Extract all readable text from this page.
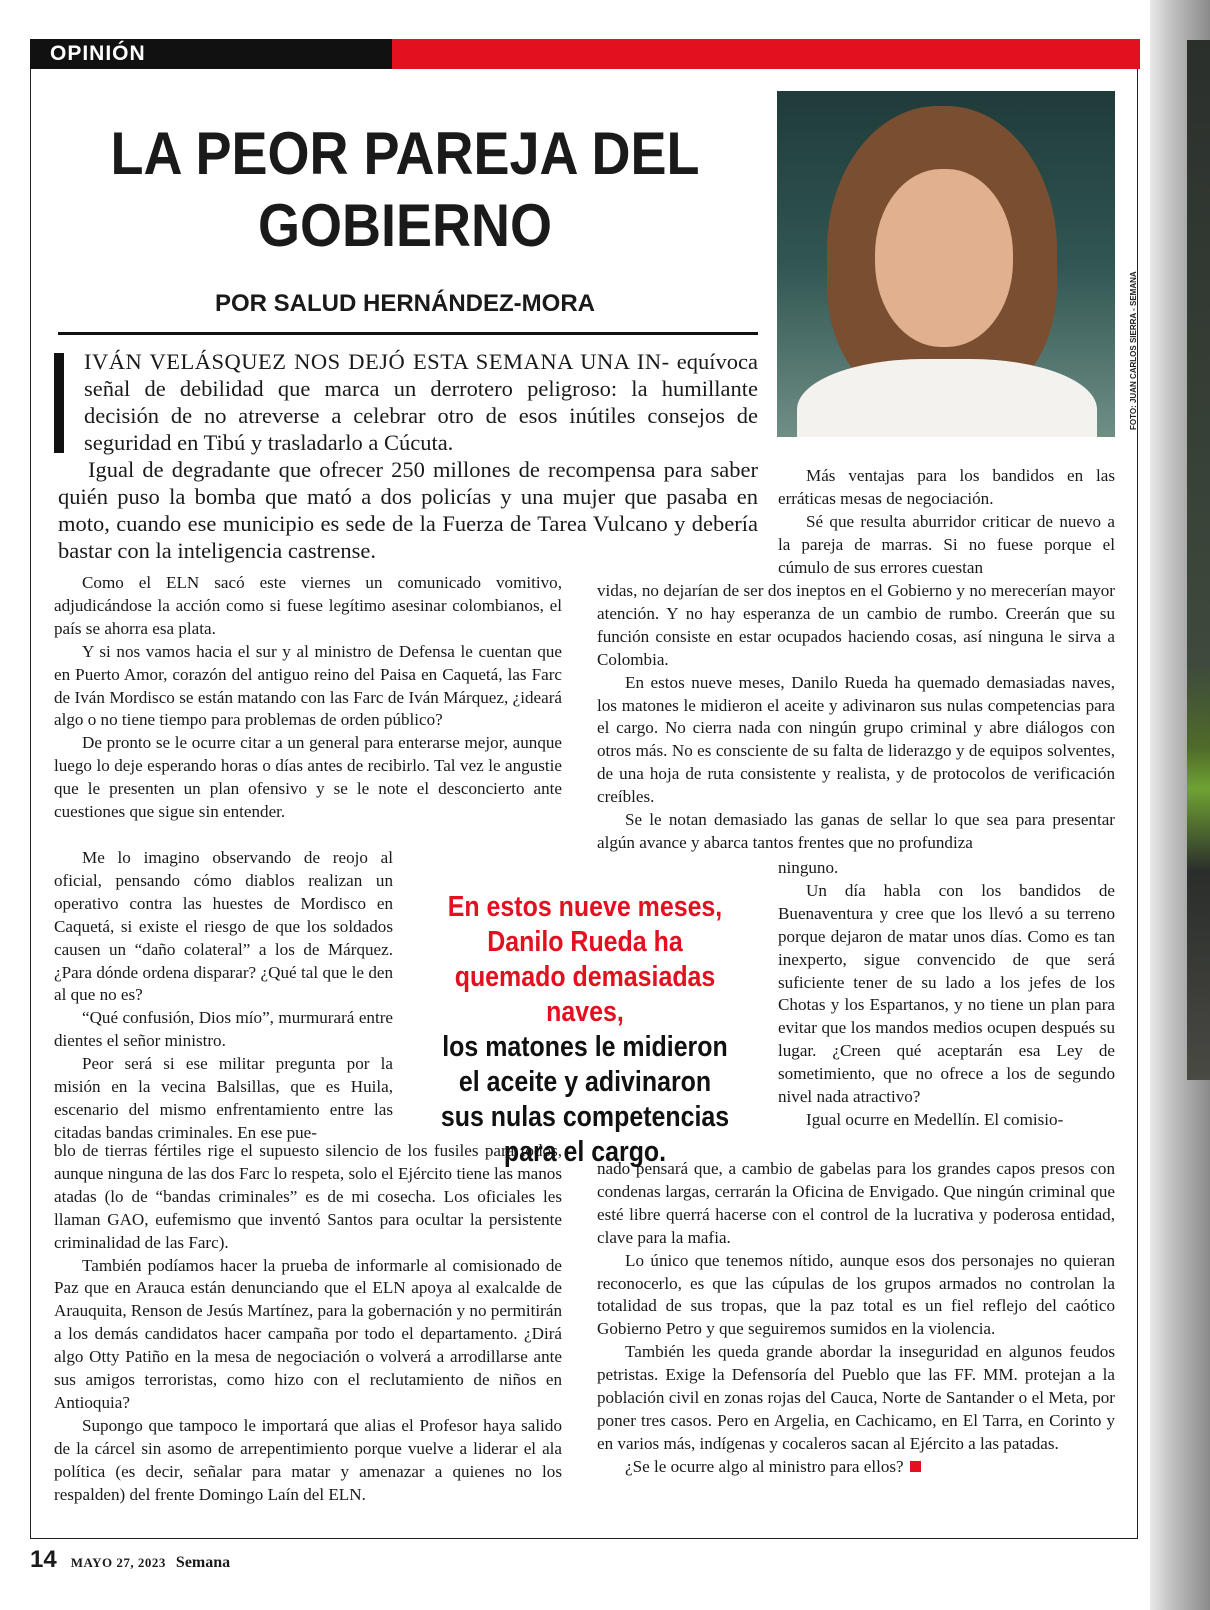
OPINIÓN
LA PEOR PAREJA DEL GOBIERNO
POR SALUD HERNÁNDEZ-MORA	FOTO: JUAN CARLOS SIERRA - SEMANA

IVÁN VELÁSQUEZ NOS DEJÓ ESTA SEMANA UNA IN- equívoca señal de debilidad que marca un derrotero peligroso: la humillante decisión de no atreverse a celebrar otro de esos inútiles consejos de seguridad en Tibú y trasladarlo a Cúcuta.

Igual de degradante que ofrecer 250 millones de recompensa para saber quién puso la bomba que mató a dos policías y una mujer que pasaba en moto, cuando ese municipio es sede de la Fuerza de Tarea Vulcano y debería bastar con la inteligencia castrense.

Como el ELN sacó este viernes un comunicado vomitivo, adjudicándose la acción como si fuese legítimo asesinar colombianos, el país se ahorra esa plata.

Y si nos vamos hacia el sur y al ministro de Defensa le cuentan que en Puerto Amor, corazón del antiguo reino del Paisa en Caquetá, las Farc de Iván Mordisco se están matando con las Farc de Iván Márquez, ¿ideará algo o no tiene tiempo para problemas de orden público?

De pronto se le ocurre citar a un general para enterarse mejor, aunque luego lo deje esperando horas o días antes de recibirlo. Tal vez le angustie que le presenten un plan ofensivo y se le note el desconcierto ante cuestiones que sigue sin entender.

Me lo imagino observando de reojo al oficial, pensando cómo diablos realizan un operativo contra las huestes de Mordisco en Caquetá, si existe el riesgo de que los soldados causen un “daño colateral” a los de Márquez. ¿Para dónde ordena disparar? ¿Qué tal que le den al que no es?

“Qué confusión, Dios mío”, murmurará entre dientes el señor ministro.

Peor será si ese militar pregunta por la misión en la vecina Balsillas, que es Huila, escenario del mismo enfrentamiento entre las citadas bandas criminales. En ese pue-

blo de tierras fértiles rige el supuesto silencio de los fusiles para todos, aunque ninguna de las dos Farc lo respeta, solo el Ejército tiene las manos atadas (lo de “bandas criminales” es de mi cosecha. Los oficiales les llaman GAO, eufemismo que inventó Santos para ocultar la persistente criminalidad de las Farc).

También podíamos hacer la prueba de informarle al comisionado de Paz que en Arauca están denunciando que el ELN apoya al exalcalde de Arauquita, Renson de Jesús Martínez, para la gobernación y no permitirán a los demás candidatos hacer campaña por todo el departamento. ¿Dirá algo Otty Patiño en la mesa de negociación o volverá a arrodillarse ante sus amigos terroristas, como hizo con el reclutamiento de niños en Antioquia?

Supongo que tampoco le importará que alias el Profesor haya salido de la cárcel sin asomo de arrepentimiento porque vuelve a liderar el ala política (es decir, señalar para matar y amenazar a quienes no los respalden) del frente Domingo Laín del ELN.

Más ventajas para los bandidos en las erráticas mesas de negociación.

Sé que resulta aburridor criticar de nuevo a la pareja de marras. Si no fuese porque el cúmulo de sus errores cuestan

vidas, no dejarían de ser dos ineptos en el Gobierno y no merecerían mayor atención. Y no hay esperanza de un cambio de rumbo. Creerán que su función consiste en estar ocupados haciendo cosas, así ninguna le sirva a Colombia.

En estos nueve meses, Danilo Rueda ha quemado demasiadas naves, los matones le midieron el aceite y adivinaron sus nulas competencias para el cargo. No cierra nada con ningún grupo criminal y abre diálogos con otros más. No es consciente de su falta de liderazgo y de equipos solventes, de una hoja de ruta consistente y realista, y de protocolos de verificación creíbles.

Se le notan demasiado las ganas de sellar lo que sea para presentar algún avance y abarca tantos frentes que no profundiza

ninguno.

Un día habla con los bandidos de Buenaventura y cree que los llevó a su terreno porque dejaron de matar unos días. Como es tan inexperto, sigue convencido de que será suficiente tener de su lado a los jefes de los Chotas y los Espartanos, y no tiene un plan para evitar que los mandos medios ocupen después su lugar. ¿Creen qué aceptarán esa Ley de sometimiento, que no ofrece a los de segundo nivel nada atractivo?

Igual ocurre en Medellín. El comisio-

nado pensará que, a cambio de gabelas para los grandes capos presos con condenas largas, cerrarán la Oficina de Envigado. Que ningún criminal que esté libre querrá hacerse con el control de la lucrativa y poderosa entidad, clave para la mafia.

Lo único que tenemos nítido, aunque esos dos personajes no quieran reconocerlo, es que las cúpulas de los grupos armados no controlan la totalidad de sus tropas, que la paz total es un fiel reflejo del caótico Gobierno Petro y que seguiremos sumidos en la violencia.

También les queda grande abordar la inseguridad en algunos feudos petristas. Exige la Defensoría del Pueblo que las FF. MM. protejan a la población civil en zonas rojas del Cauca, Norte de Santander o el Meta, por poner tres casos. Pero en Argelia, en Cachicamo, en El Tarra, en Corinto y en varios más, indígenas y cocaleros sacan al Ejército a las patadas.

¿Se le ocurre algo al ministro para ellos?

En estos nueve meses, Danilo Rueda ha quemado demasiadas naves,
los matones le midieron el aceite y adivinaron sus nulas competencias para el cargo.
14 MAYO 27, 2023 Semana
